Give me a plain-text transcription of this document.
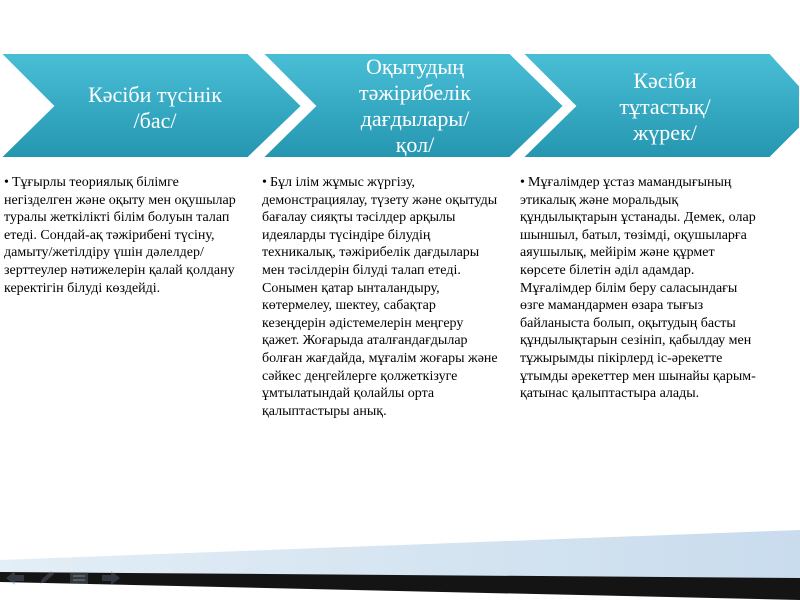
Кәсіби түсінік
/бас/
Оқытудың
тәжірибелік
дағдылары/
қол/
Кәсіби
тұтастық/
жүрек/
• Тұғырлы теориялық білімге негізделген және оқыту мен оқушылар туралы жеткілікті білім болуын талап етеді. Сондай-ақ тәжірибені түсіну, дамыту/жетілдіру үшін дәлелдер/зерттеулер нәтижелерін қалай қолдану керектігін білуді көздейді.
• Бұл ілім жұмыс жүргізу, демонстрациялау, түзету және оқытуды бағалау сияқты тәсілдер арқылы идеяларды түсіндіре білудің техникалық, тәжірибелік дағдылары мен тәсілдерін білуді талап етеді. Сонымен қатар ынталандыру, көтермелеу, шектеу, сабақтар кезеңдерін әдістемелерін меңгеру қажет. Жоғарыда аталғандағдылар болған жағдайда, мұғалім жоғары және сәйкес деңгейлерге қолжеткізуге ұмтылатындай қолайлы орта қалыптастыры анық.
• Мұғалімдер ұстаз мамандығының этикалық және моральдық құндылықтарын ұстанады. Демек, олар шыншыл, батыл, төзімді, оқушыларға аяушылық, мейірім және құрмет көрсете білетін әділ адамдар. Мұғалімдер білім беру саласындағы өзге мамандармен өзара тығыз байланыста болып, оқытудың басты құндылықтарын сезініп, қабылдау мен тұжырымды пікірлерд іс-әрекетте ұтымды әрекеттер мен шынайы қарым-қатынас қалыптастыра алады.
